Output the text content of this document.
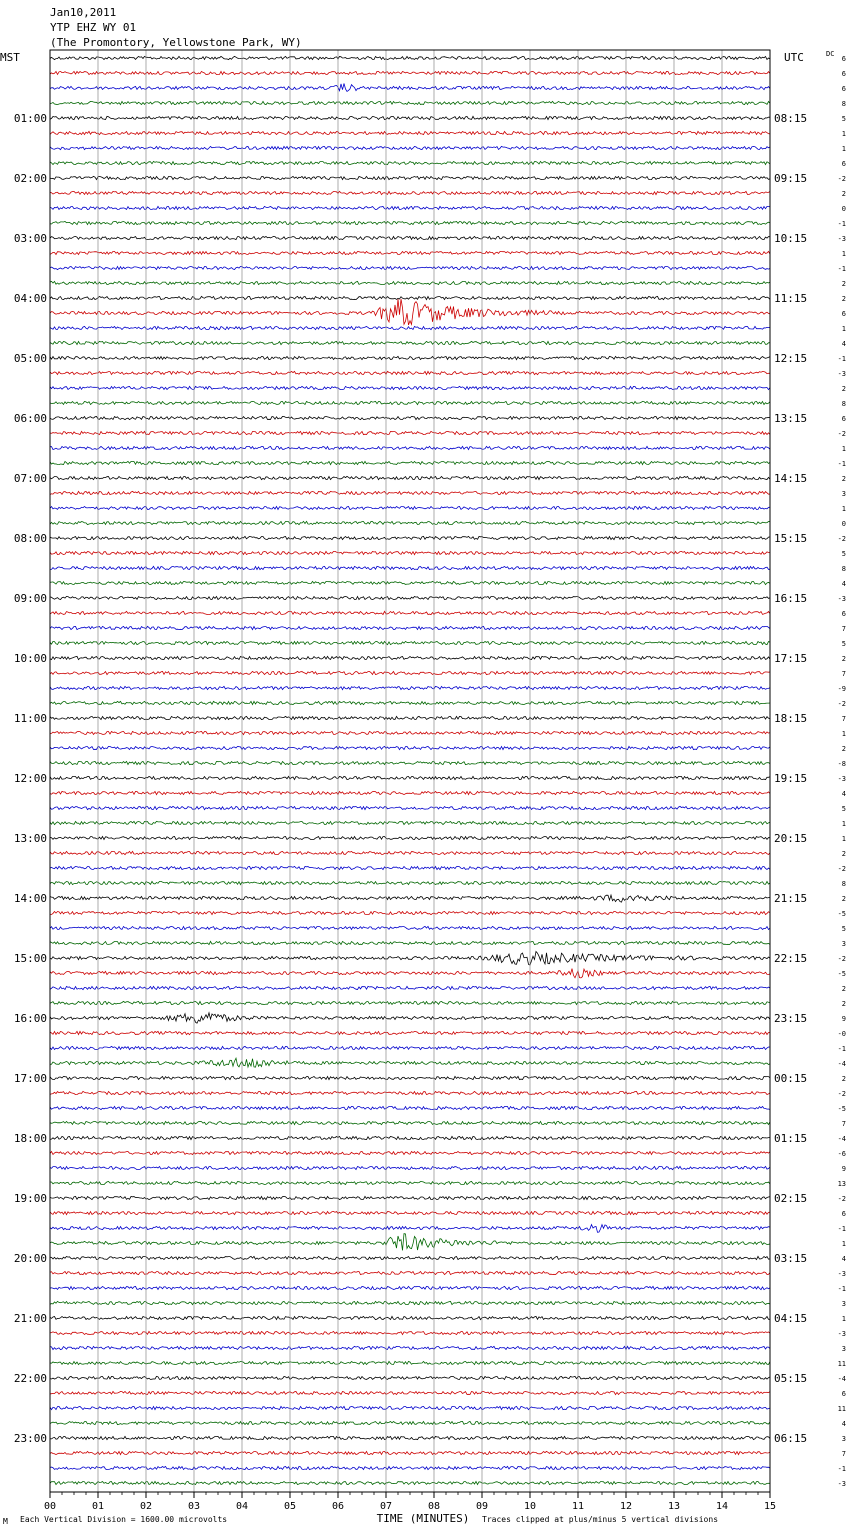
Jan10,2011
YTP EHZ WY 01
(The Promontory, Yellowstone Park, WY)
MST	UTC	DC
01:00
02:00
03:00
04:00
05:00
06:00
07:00
08:00
09:00
10:00
11:00
12:00
13:00
14:00
15:00
16:00
17:00
18:00
19:00
20:00
21:00
22:00
23:00
08:15
09:15
10:15
11:15
12:15
13:15
14:15
15:15
16:15
17:15
18:15
19:15
20:15
21:15
22:15
23:15
00:15
01:15
02:15
03:15
04:15
05:15
06:15
6
6
6
8
5
1
1
6
-2
2
0
-1
-3
1
-1
2
2
6
1
4
-1
-3
2
8
6
-2
1
-1
2
3
1
0
-2
5
8
4
-3
6
7
5
2
7
-9
-2
7
1
2
-8
-3
4
5
1
1
2
-2
8
2
-5
5
3
-2
-5
2
2
9
-0
-1
-4
2
-2
-5
7
-4
-6
9
13
-2
6
-1
1
4
-3
-1
3
1
-3
3
11
-4
6
11
4
3
7
-1
-3
00	01	02	03	04	05	06	07	08	09	10	11	12	13	14	15
TIME (MINUTES)
M Each Vertical Division = 1600.00 microvolts	Traces clipped at plus/minus 5 vertical divisions
